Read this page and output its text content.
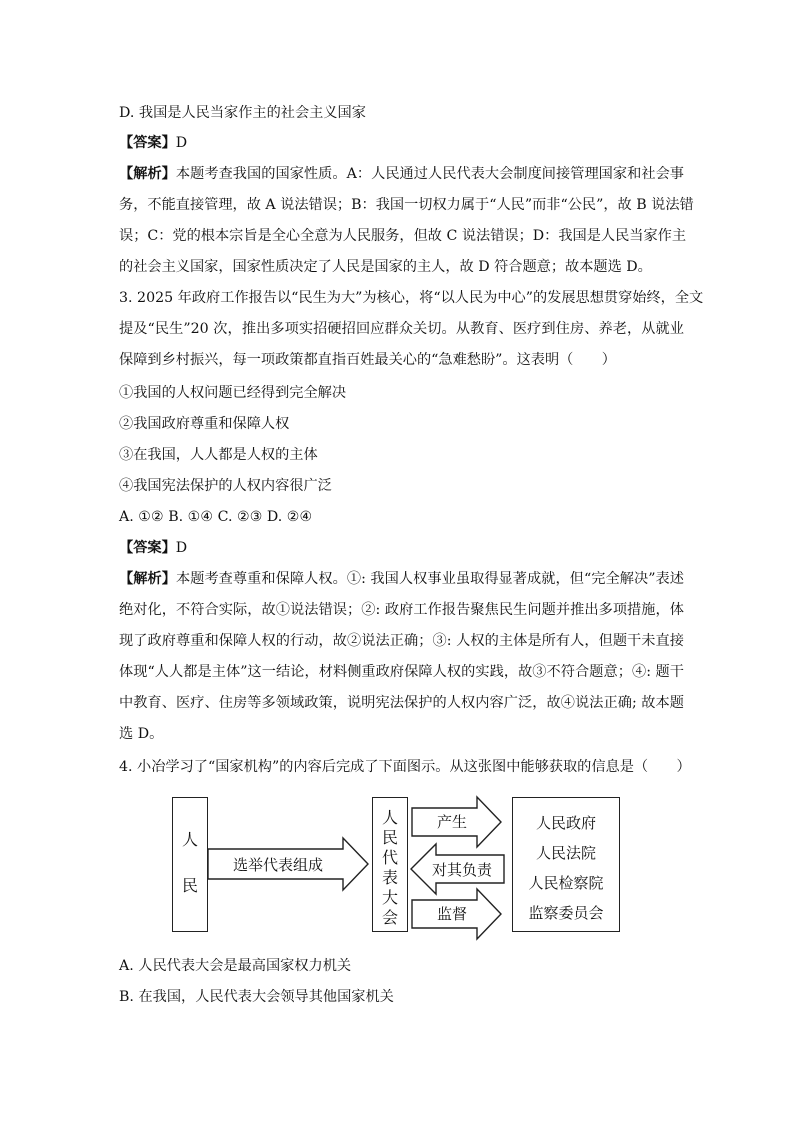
D. 我国是人民当家作主的社会主义国家
【答案】D
【解析】本题考查我国的国家性质。A：人民通过人民代表大会制度间接管理国家和社会事
务，不能直接管理，故 A 说法错误；B：我国一切权力属于“人民”而非“公民”，故 B 说法错
误；C：党的根本宗旨是全心全意为人民服务，但故 C 说法错误；D：我国是人民当家作主
的社会主义国家，国家性质决定了人民是国家的主人，故 D 符合题意；故本题选 D。
3. 2025 年政府工作报告以“民生为大”为核心，将“以人民为中心”的发展思想贯穿始终，全文
提及“民生”20 次，推出多项实招硬招回应群众关切。从教育、医疗到住房、养老，从就业
保障到乡村振兴，每一项政策都直指百姓最关心的“急难愁盼”。这表明（　　）
①我国的人权问题已经得到完全解决
②我国政府尊重和保障人权
③在我国，人人都是人权的主体
④我国宪法保护的人权内容很广泛
A. ①② B. ①④ C. ②③ D. ②④
【答案】D
【解析】本题考查尊重和保障人权。①: 我国人权事业虽取得显著成就，但“完全解决”表述
绝对化，不符合实际，故①说法错误；②: 政府工作报告聚焦民生问题并推出多项措施，体
现了政府尊重和保障人权的行动，故②说法正确；③: 人权的主体是所有人，但题干未直接
体现“人人都是主体”这一结论，材料侧重政府保障人权的实践，故③不符合题意；④: 题干
中教育、医疗、住房等多领域政策，说明宪法保护的人权内容广泛，故④说法正确; 故本题
选 D。
4. 小冶学习了“国家机构”的内容后完成了下面图示。从这张图中能够获取的信息是（　　）
A. 人民代表大会是最高国家权力机关
B. 在我国，人民代表大会领导其他国家机关
人
民
人
民
代
表
大
会
人民政府
人民法院
人民检察院
监察委员会
选举代表组成
产生
对其负责
监督
